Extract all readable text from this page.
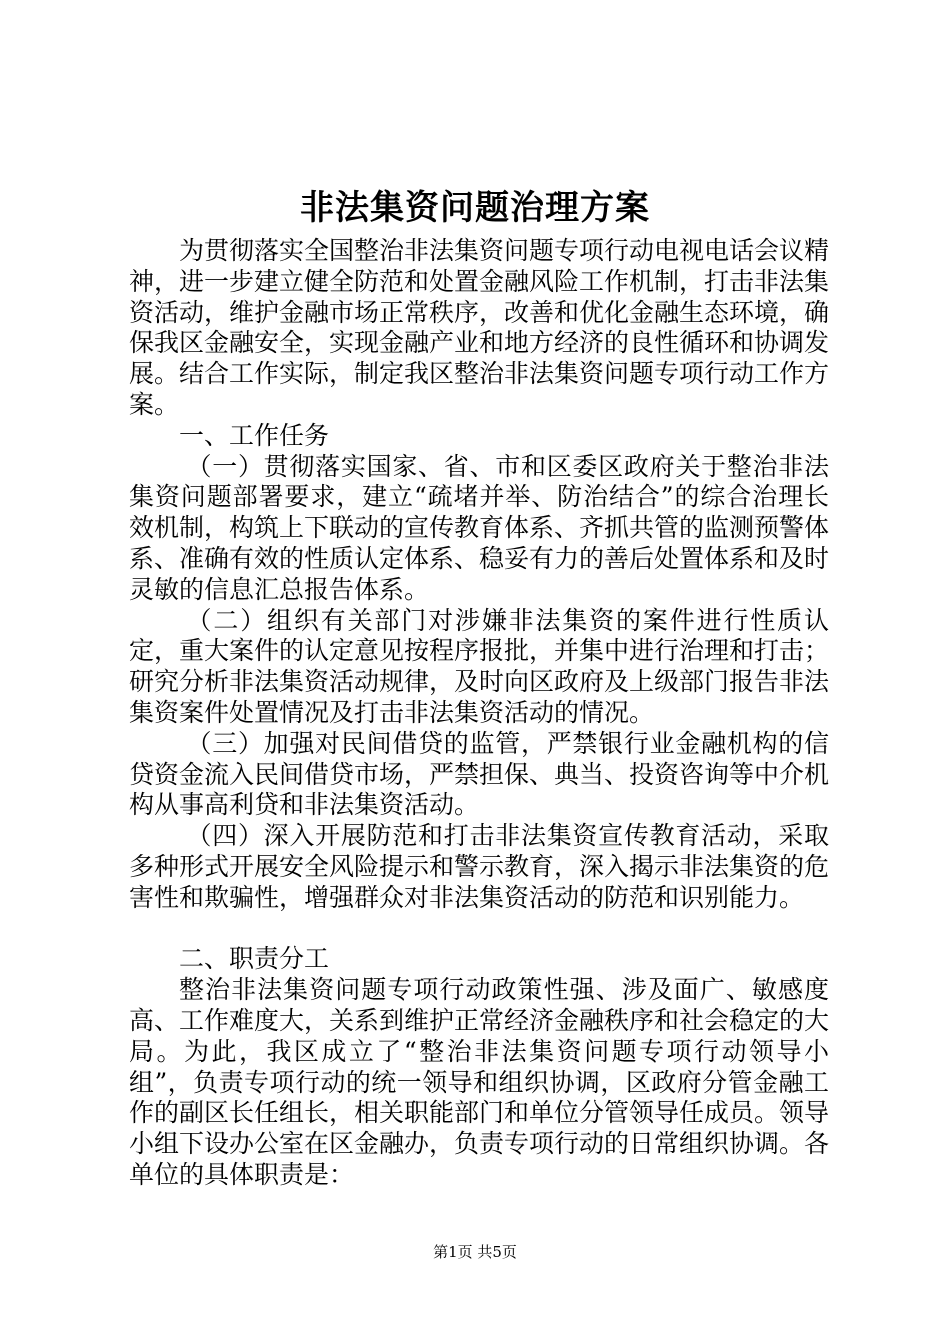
非法集资问题治理方案

为贯彻落实全国整治非法集资问题专项行动电视电话会议精神，进一步建立健全防范和处置金融风险工作机制，打击非法集资活动，维护金融市场正常秩序，改善和优化金融生态环境，确保我区金融安全，实现金融产业和地方经济的良性循环和协调发展。结合工作实际，制定我区整治非法集资问题专项行动工作方案。

一、工作任务

（一）贯彻落实国家、省、市和区委区政府关于整治非法集资问题部署要求，建立“疏堵并举、防治结合”的综合治理长效机制，构筑上下联动的宣传教育体系、齐抓共管的监测预警体系、准确有效的性质认定体系、稳妥有力的善后处置体系和及时灵敏的信息汇总报告体系。

（二）组织有关部门对涉嫌非法集资的案件进行性质认定，重大案件的认定意见按程序报批，并集中进行治理和打击；研究分析非法集资活动规律，及时向区政府及上级部门报告非法集资案件处置情况及打击非法集资活动的情况。

（三）加强对民间借贷的监管，严禁银行业金融机构的信贷资金流入民间借贷市场，严禁担保、典当、投资咨询等中介机构从事高利贷和非法集资活动。

（四）深入开展防范和打击非法集资宣传教育活动，采取多种形式开展安全风险提示和警示教育，深入揭示非法集资的危害性和欺骗性，增强群众对非法集资活动的防范和识别能力。

二、职责分工

整治非法集资问题专项行动政策性强、涉及面广、敏感度高、工作难度大，关系到维护正常经济金融秩序和社会稳定的大局。为此，我区成立了“整治非法集资问题专项行动领导小组”，负责专项行动的统一领导和组织协调，区政府分管金融工作的副区长任组长，相关职能部门和单位分管领导任成员。领导小组下设办公室在区金融办，负责专项行动的日常组织协调。各单位的具体职责是：

第1页 共5页
